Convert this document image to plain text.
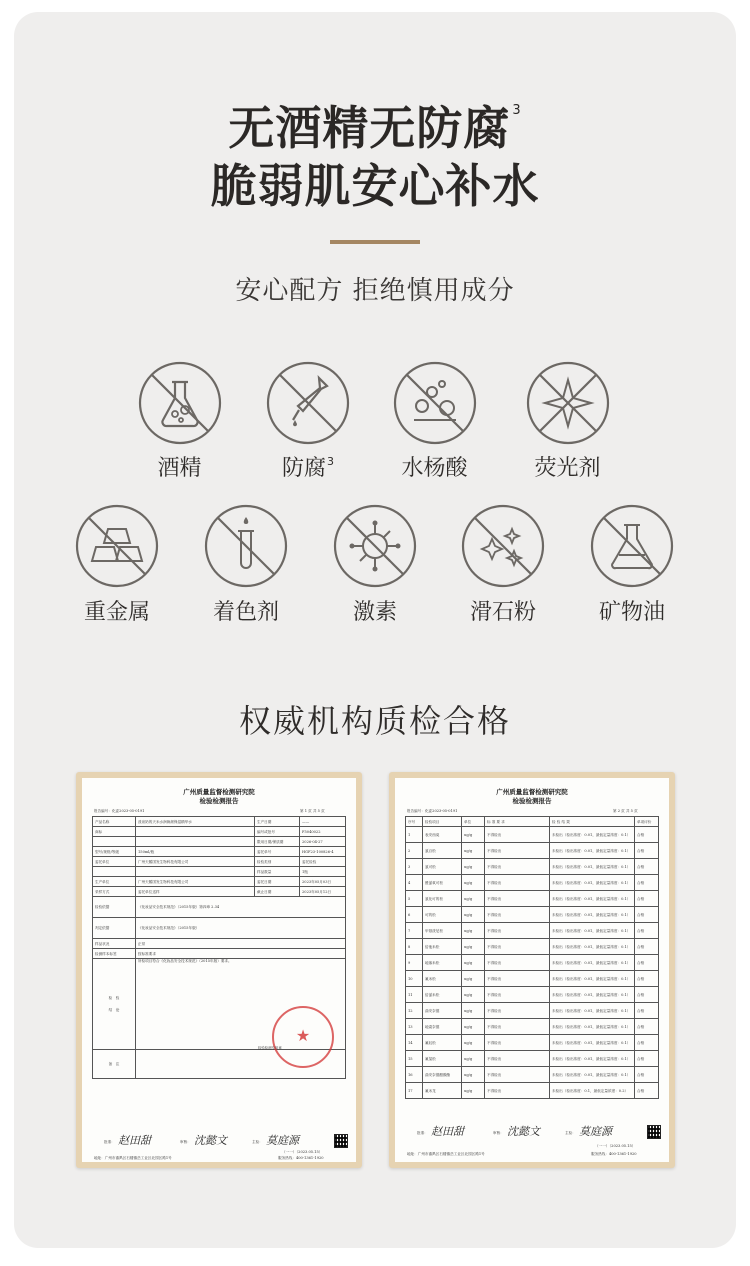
无酒精无防腐 $^3$
脆弱肌安心补水
安心配方 拒绝慎用成分
酒精	防腐$^3$	水杨酸	荧光剂
重金属	着色剂	激素	滑石粉	矿物油
权威机构质检合格
广州质量监督检测研究院
检验检测报告
报告编号：化委2023-05-0191	第 1 页 共 5 页
产品名称	泼泉奶的天米水润焕颜保湿精华水	生产日期	——
商标		编号或批号	F5040022
		限用日期/保质期	2026-04-27
型号/规格/等级	150ml/瓶	委托单号	HGF23-100826-4
委托单位	广州天鹅国发生物科技有限公司	检验类别	委托检验
		样品数量	1瓶
生产单位	广州天鹅国发生物科技有限公司	委托日期	2023年05月03日
采样方式	委托单位送样	截止日期	2023年05月12日
检验依据	《化妆品安全技术规范》（2015年版）第四章 2.34		
判定依据	《化妆品安全技术规范》（2015年版）		
样品状况	正常		
检测样本标签	按标准要求		

检　验

结　论	所检项目符合《化妆品安全技术规范》（2015年版）要求。		
备　注			
★
检验检测专用章
批准： 赵田甜	审核： 沈懿文	主检： 莫庭源
（一一）（2023.05.15）
地址：广州市番禺区石楼镇岳工业区北园区路1号	服务热线：400-1361-1920
广州质量监督检测研究院
检验检测报告
报告编号：化委2023-05-0191	第 2 页 共 5 页
序号	检验项目	单位	标 准 要 求	检 验 结 果	单项评价
1	表安西莫	ug/g	不得检出	未检出（检出浓度：0.01，最低定量浓度：0.1）	合格
2	氯百松	ug/g	不得检出	未检出（检出浓度：0.01，最低定量浓度：0.1）	合格
3	氯可松	ug/g	不得检出	未检出（检出浓度：0.01，最低定量浓度：0.1）	合格
4	醛氯氧可松	ug/g	不得检出	未检出（检出浓度：0.01，最低定量浓度：0.1）	合格
5	氯化可的松	ug/g	不得检出	未检出（检出浓度：0.01，最低定量浓度：0.1）	合格
6	可的松	ug/g	不得检出	未检出（检出浓度：0.01，最低定量浓度：0.1）	合格
7	甲基泼尼松	ug/g	不得检出	未检出（检出浓度：0.01，最低定量浓度：0.1）	合格
8	倍他米松	ug/g	不得检出	未检出（检出浓度：0.01，最低定量浓度：0.1）	合格
9	地塞米松	ug/g	不得检出	未检出（检出浓度：0.01，最低定量浓度：0.1）	合格
10	氟米松	ug/g	不得检出	未检出（检出浓度：0.01，最低定量浓度：0.1）	合格
11	倍氯米松	ug/g	不得检出	未检出（检出浓度：0.01，最低定量浓度：0.1）	合格
12	曲安奈德	ug/g	不得检出	未检出（检出浓度：0.01，最低定量浓度：0.1）	合格
13	地索奈德	ug/g	不得检出	未检出（检出浓度：0.01，最低定量浓度：0.1）	合格
14	氟轻松	ug/g	不得检出	未检出（检出浓度：0.01，最低定量浓度：0.1）	合格
15	氟氢松	ug/g	不得检出	未检出（检出浓度：0.01，最低定量浓度：0.1）	合格
16	曲安奈德醋酸酯	ug/g	不得检出	未检出（检出浓度：0.01，最低定量浓度：0.1）	合格
17	氟米龙	ug/g	不得检出	未检出（检出浓度：0.1，最低定量浓度：0.2）	合格
批准： 赵田甜	审核： 沈懿文	主检： 莫庭源
（一一）（2023.05.15）
地址：广州市番禺区石楼镇岳工业区北园区路1号	服务热线：400-1361-1920
